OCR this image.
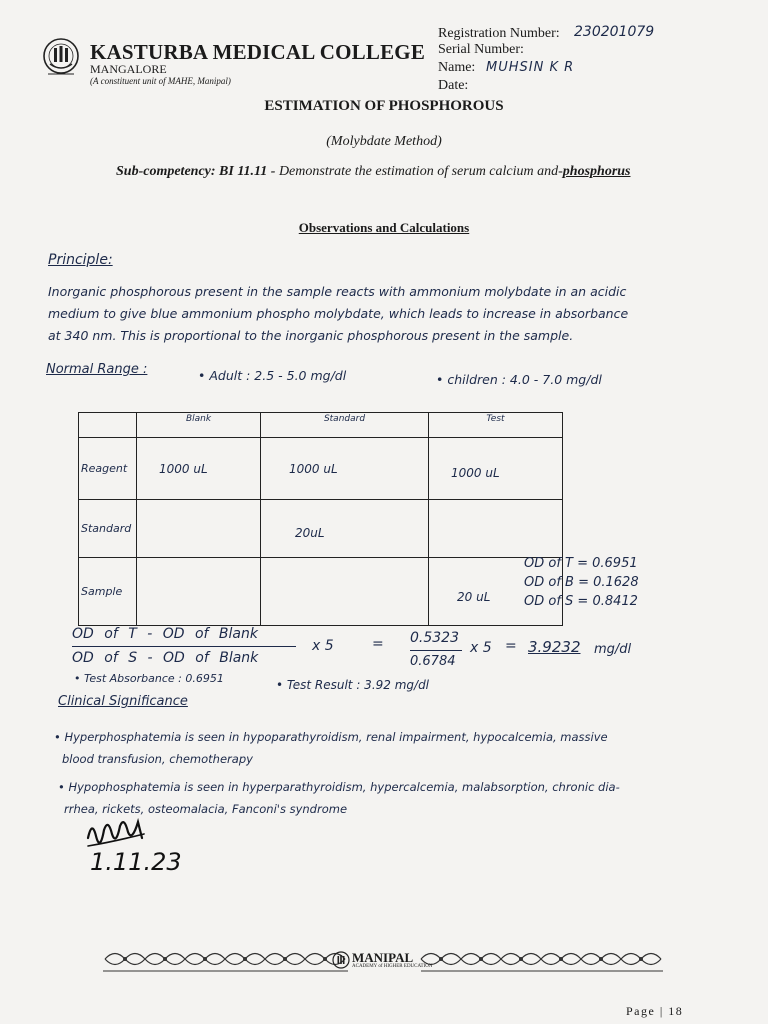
KASTURBA MEDICAL COLLEGE
MANGALORE
(A constituent unit of MAHE, Manipal)
Registration Number: 230201079
Serial Number:
Name: MUHSIN K R
Date:
ESTIMATION OF PHOSPHOROUS
(Molybdate Method)
Sub-competency: BI 11.11 - Demonstrate the estimation of serum calcium and-phosphorus
Observations and Calculations
Principle:
Inorganic phosphorous present in the sample reacts with ammonium molybdate in an acidic
medium to give blue ammonium phospho molybdate, which leads to increase in absorbance
at 340 nm. This is proportional to the inorganic phosphorous present in the sample.
Normal Range :	• Adult : 2.5 - 5.0 mg/dl	• children : 4.0 - 7.0 mg/dl
	Blank	Standard	Test
Reagent	1000 uL	1000 uL	1000 uL
Standard		20uL	
Sample			20 uL
OD of T = 0.6951
OD of B = 0.1628
OD of S = 0.8412
OD of T - OD of Blank
OD of S - OD of Blank
x 5	= 0.5323
0.6784
x 5 = 3.9232 mg/dl
• Test Absorbance : 0.6951	• Test Result : 3.92 mg/dl
Clinical Significance
• Hyperphosphatemia is seen in hypoparathyroidism, renal impairment, hypocalcemia, massive
blood transfusion, chemotherapy
• Hypophosphatemia is seen in hyperparathyroidism, hypercalcemia, malabsorption, chronic dia-
rrhea, rickets, osteomalacia, Fanconi's syndrome
1.11.23
MANIPAL
ACADEMY of HIGHER EDUCATION
Page | 18
